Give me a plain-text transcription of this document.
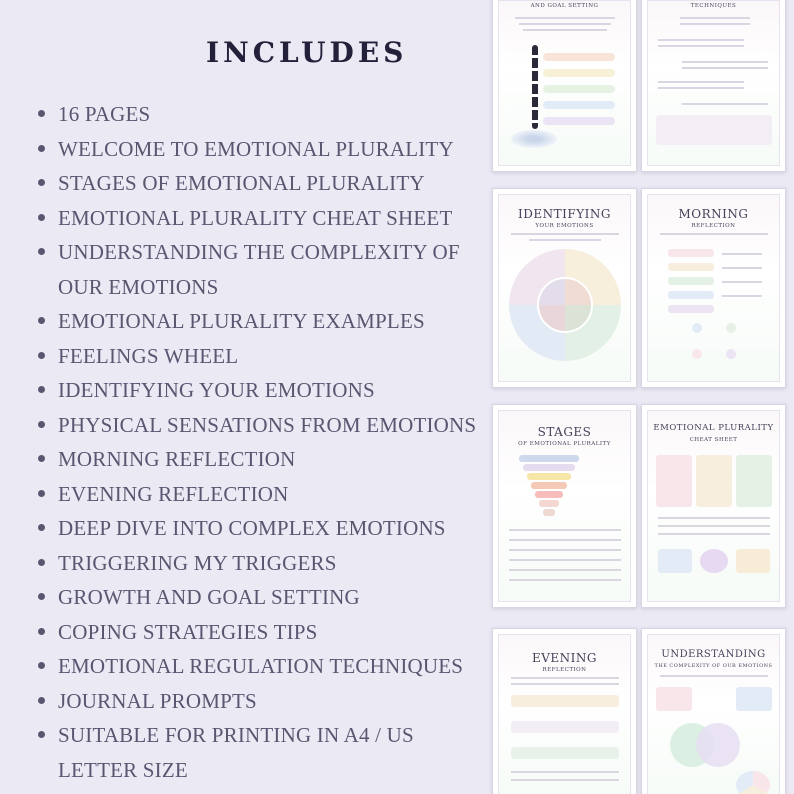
INCLUDES
16 PAGES
WELCOME TO EMOTIONAL PLURALITY
STAGES OF EMOTIONAL PLURALITY
EMOTIONAL PLURALITY CHEAT SHEET
UNDERSTANDING THE COMPLEXITY OF
OUR EMOTIONS
EMOTIONAL PLURALITY EXAMPLES
FEELINGS WHEEL
IDENTIFYING YOUR EMOTIONS
PHYSICAL SENSATIONS FROM EMOTIONS
MORNING REFLECTION
EVENING REFLECTION
DEEP DIVE INTO COMPLEX EMOTIONS
TRIGGERING MY TRIGGERS
GROWTH AND GOAL SETTING
COPING STRATEGIES TIPS
EMOTIONAL REGULATION TECHNIQUES
JOURNAL PROMPTS
SUITABLE FOR PRINTING IN A4 / US
LETTER SIZE
AND GOAL SETTING	TECHNIQUES
IDENTIFYING
YOUR EMOTIONS
MORNING
REFLECTION
STAGES
OF EMOTIONAL PLURALITY
EMOTIONAL PLURALITY
CHEAT SHEET
EVENING
REFLECTION
UNDERSTANDING
THE COMPLEXITY OF OUR EMOTIONS
